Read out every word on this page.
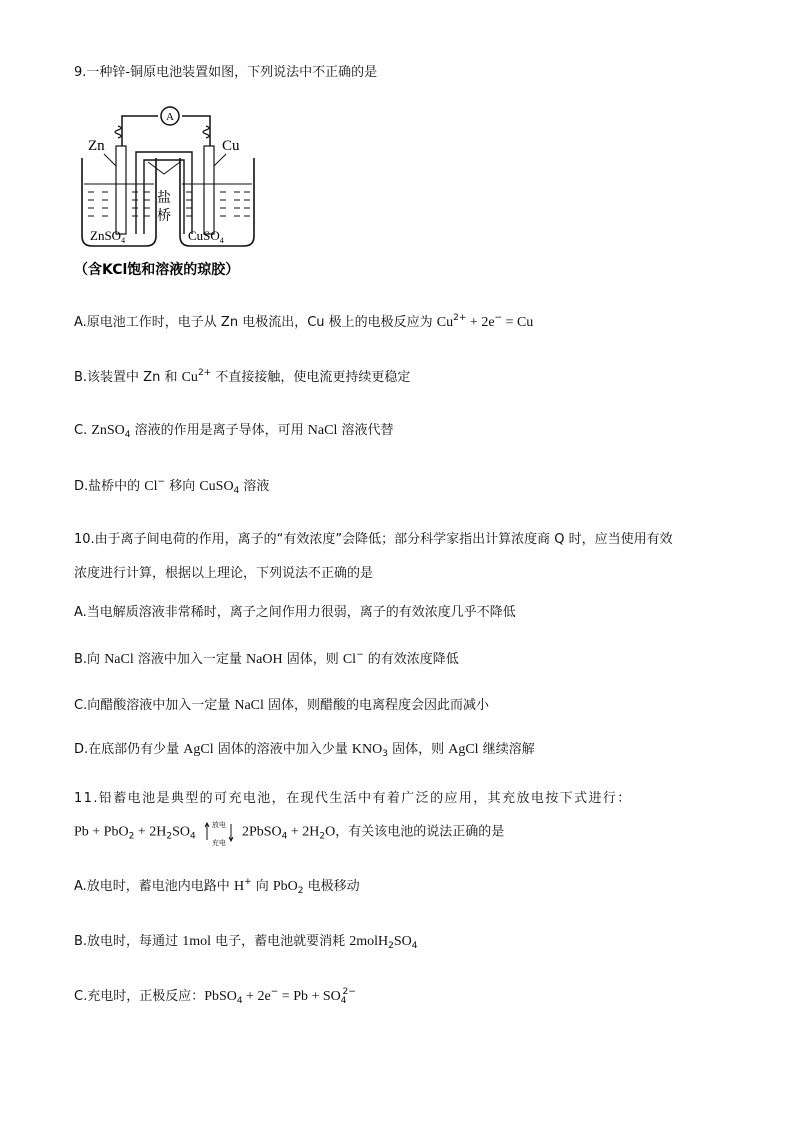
9.一种锌-铜原电池装置如图，下列说法中不正确的是
A
Zn	Cu
盐
桥
ZnSO$_4$	CuSO$_4$
（含KCl饱和溶液的琼胶）
A.原电池工作时，电子从 Zn 电极流出，Cu 极上的电极反应为 $Cu^{2+} + 2e^- = Cu$
B.该装置中 Zn 和 $Cu^{2+}$ 不直接接触，使电流更持续更稳定
C. ZnSO$_4$ 溶液的作用是离子导体，可用 NaCl 溶液代替
D.盐桥中的 Cl− 移向 CuSO$_4$ 溶液
10.由于离子间电荷的作用，离子的“有效浓度”会降低；部分科学家指出计算浓度商 Q 时，应当使用有效
浓度进行计算，根据以上理论，下列说法不正确的是
A.当电解质溶液非常稀时，离子之间作用力很弱，离子的有效浓度几乎不降低
B.向 NaCl 溶液中加入一定量 NaOH 固体，则 Cl− 的有效浓度降低
C.向醋酸溶液中加入一定量 NaCl 固体，则醋酸的电离程度会因此而减小
D.在底部仍有少量 AgCl 固体的溶液中加入少量 $KNO_3$ 固体，则 AgCl 继续溶解
11.铅蓄电池是典型的可充电池，在现代生活中有着广泛的应用，其充放电按下式进行：
$Pb + PbO_2 + 2H_2SO_4$
放电
充电
2PbSO$_4$ + $2H_2O$，有关该电池的说法正确的是
A.放电时，蓄电池内电路中 H+ 向 PbO$_2$ 电极移动
B.放电时，每通过 1mol 电子，蓄电池就要消耗 $2molH_2SO_4$
C.充电时，正极反应：PbSO$_4$ + $2e^- = Pb + SO_4^{2-}$
